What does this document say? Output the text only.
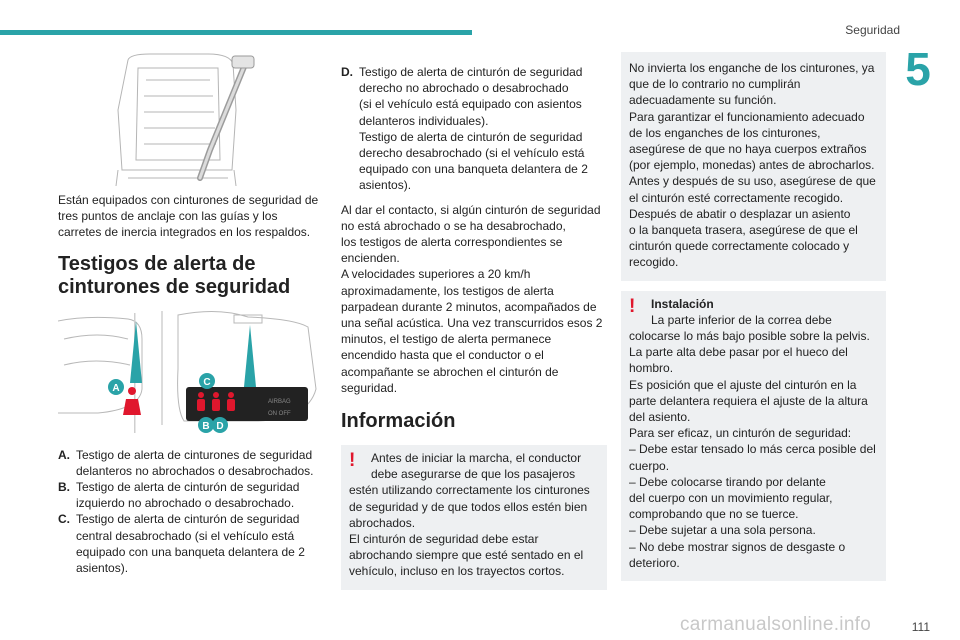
Seguridad
5

Están equipados con cinturones de seguridad de tres puntos de anclaje con las guías y los carretes de inercia integrados en los respaldos.

Testigos de alerta de cinturones de seguridad
AIRBAG
ON OFF
A
B
C
D
A. Testigo de alerta de cinturones de seguridad delanteros no abrochados o desabrochados.
B. Testigo de alerta de cinturón de seguridad izquierdo no abrochado o desabrochado.
C. Testigo de alerta de cinturón de seguridad central desabrochado (si el vehículo está equipado con una banqueta delantera de 2 asientos).
D. Testigo de alerta de cinturón de seguridad derecho no abrochado o desabrochado
(si el vehículo está equipado con asientos delanteros individuales).
Testigo de alerta de cinturón de seguridad derecho desabrochado (si el vehículo está equipado con una banqueta delantera de 2 asientos).

Al dar el contacto, si algún cinturón de seguridad no está abrochado o se ha desabrochado,
los testigos de alerta correspondientes se encienden.
A velocidades superiores a 20 km/h aproximadamente, los testigos de alerta parpadean durante 2 minutos, acompañados de una señal acústica. Una vez transcurridos esos 2 minutos, el testigo de alerta permanece encendido hasta que el conductor o el acompañante se abrochen el cinturón de seguridad.

Información
!	Antes de iniciar la marcha, el conductor debe asegurarse de que los pasajeros

estén utilizando correctamente los cinturones de seguridad y de que todos ellos estén bien abrochados.
El cinturón de seguridad debe estar abrochando siempre que esté sentado en el vehículo, incluso en los trayectos cortos.

No invierta los enganche de los cinturones, ya que de lo contrario no cumplirán adecuadamente su función.
Para garantizar el funcionamiento adecuado de los enganches de los cinturones, asegúrese de que no haya cuerpos extraños (por ejemplo, monedas) antes de abrocharlos.
Antes y después de su uso, asegúrese de que el cinturón esté correctamente recogido.
Después de abatir o desplazar un asiento
o la banqueta trasera, asegúrese de que el cinturón quede correctamente colocado y recogido.

!	Instalación

La parte inferior de la correa debe

colocarse lo más bajo posible sobre la pelvis.
La parte alta debe pasar por el hueco del hombro.
Es posición que el ajuste del cinturón en la parte delantera requiera el ajuste de la altura del asiento.
Para ser eficaz, un cinturón de seguridad:
– Debe estar tensado lo más cerca posible del cuerpo.
– Debe colocarse tirando por delante
del cuerpo con un movimiento regular, comprobando que no se tuerce.
– Debe sujetar a una sola persona.
– No debe mostrar signos de desgaste o deterioro.

carmanualsonline.info	111
